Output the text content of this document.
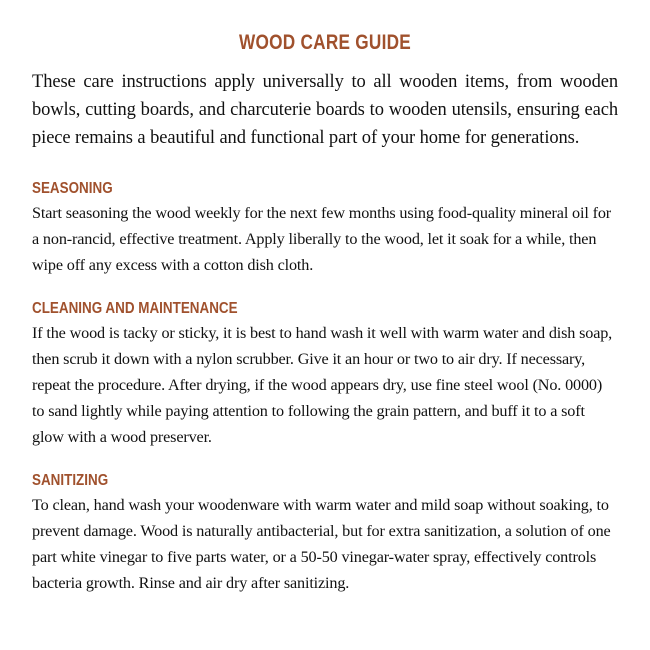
WOOD CARE GUIDE

These care instructions apply universally to all wooden items, from wooden bowls, cutting boards, and charcuterie boards to wooden utensils, ensuring each piece remains a beautiful and functional part of your home for generations.

SEASONING

Start seasoning the wood weekly for the next few months using food-quality mineral oil for a non-rancid, effective treatment. Apply liberally to the wood, let it soak for a while, then wipe off any excess with a cotton dish cloth.

CLEANING AND MAINTENANCE

If the wood is tacky or sticky, it is best to hand wash it well with warm water and dish soap, then scrub it down with a nylon scrubber. Give it an hour or two to air dry. If necessary, repeat the procedure. After drying, if the wood appears dry, use fine steel wool (No. 0000) to sand lightly while paying attention to following the grain pattern, and buff it to a soft glow with a wood preserver.

SANITIZING

To clean, hand wash your woodenware with warm water and mild soap without soaking, to prevent damage. Wood is naturally antibacterial, but for extra sanitization, a solution of one part white vinegar to five parts water, or a 50-50 vinegar-water spray, effectively controls bacteria growth. Rinse and air dry after sanitizing.
